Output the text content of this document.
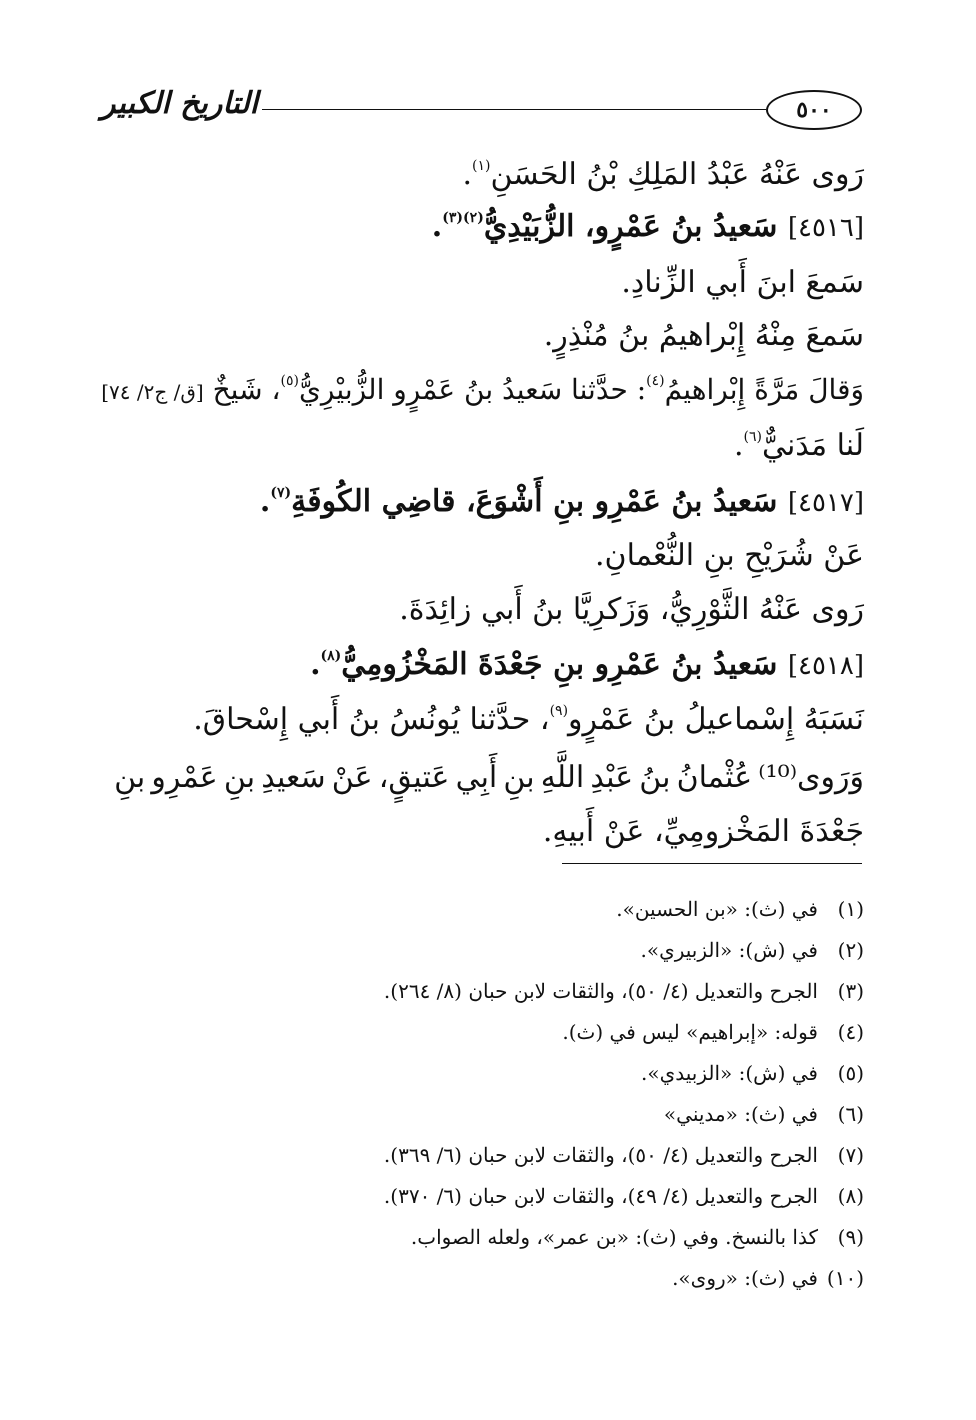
٥٠٠
التاريخ الكبير
رَوى عَنْهُ عَبْدُ المَلِكِ بْنُ الحَسَنِ$^{(١)}$.
[٤٥١٦] سَعيدُ بنُ عَمْرٍو، الزُّبَيْدِيُّ$^{(٢)(٣)}$.
سَمعَ ابنَ أَبي الزِّنادِ.
سَمعَ مِنْهُ إِبْراهيمُ بنُ مُنْذِرٍ.
وَقالَ مَرَّةً إِبْراهيمُ$^{(٤)}$: حدَّثنا سَعيدُ بنُ عَمْرٍو الزُّبيْرِيُّ$^{(٥)}$، شَيخٌ [ق/ ج٢/ ٧٤]
لَنا مَدَنيٌّ$^{(٦)}$.
[٤٥١٧] سَعيدُ بنُ عَمْرِو بنِ أَشْوَعَ، قاضِي الكُوفَةِ$^{(٧)}$.
عَنْ شُرَيْحِ بنِ النُّعْمانِ.
رَوى عَنْهُ الثَّوْرِيُّ، وَزَكرِيَّا بنُ أَبي زائِدَةَ.
[٤٥١٨] سَعيدُ بنُ عَمْرِو بنِ جَعْدَةَ المَخْزُومِيُّ$^{(٨)}$.
نَسَبَهُ إِسْماعيلُ بنُ عَمْرٍو$^{(٩)}$، حدَّثنا يُونُسُ بنُ أَبي إِسْحاقَ.
وَرَوى⁽¹⁰⁾
عُثْمانُ
بنُ
عَبْدِ
اللَّهِ
بنِ
أَبِي
عَتيقٍ،
عَنْ
سَعيدِ
بنِ
عَمْرِو
بنِ
جَعْدَةَ المَخْزومِيِّ، عَنْ أَبيهِ.
(١)
في (ث): «بن الحسين».
(٢)
في (ش): «الزبيري».
(٣)
الجرح والتعديل (٤/ ٥٠)، والثقات لابن حبان (٨/ ٢٦٤).
(٤)
قوله: «إبراهيم» ليس في (ث).
(٥)
في (ش): «الزبيدي».
(٦)
في (ث): «مديني»
(٧)
الجرح والتعديل (٤/ ٥٠)، والثقات لابن حبان (٦/ ٣٦٩).
(٨)
الجرح والتعديل (٤/ ٤٩)، والثقات لابن حبان (٦/ ٣٧٠).
(٩)
كذا بالنسخ. وفي (ث): «بن عمر»، ولعله الصواب.
(١٠)
في (ث): «روى».
